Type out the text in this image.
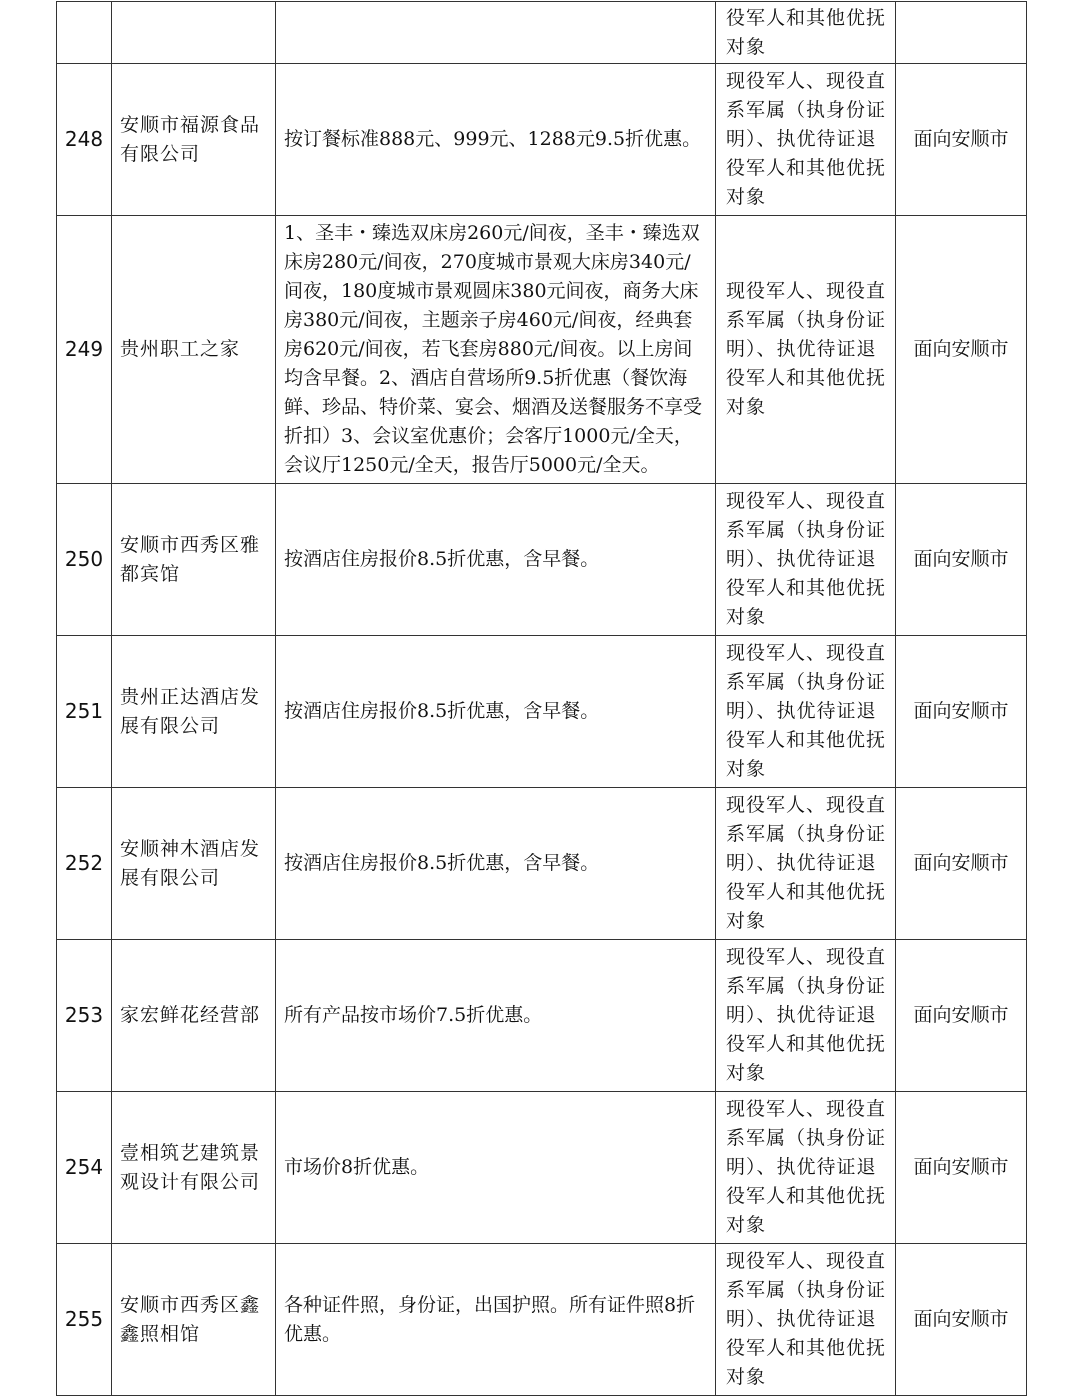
			役军人和其他优抚对象	
248	安顺市福源食品有限公司	按订餐标准888元、999元、1288元9.5折优惠。	现役军人、现役直系军属（执身份证明）、执优待证退役军人和其他优抚对象	面向安顺市
249	贵州职工之家	1、圣丰・臻选双床房260元/间夜，圣丰・臻选双床房280元/间夜，270度城市景观大床房340元/间夜，180度城市景观圆床380元间夜，商务大床房380元/间夜，主题亲子房460元/间夜，经典套房620元/间夜，若飞套房880元/间夜。以上房间均含早餐。2、酒店自营场所9.5折优惠（餐饮海鲜、珍品、特价菜、宴会、烟酒及送餐服务不享受折扣）3、会议室优惠价；会客厅1000元/全天，会议厅1250元/全天，报告厅5000元/全天。	现役军人、现役直系军属（执身份证明）、执优待证退役军人和其他优抚对象	面向安顺市
250	安顺市西秀区雅都宾馆	按酒店住房报价8.5折优惠，含早餐。	现役军人、现役直系军属（执身份证明）、执优待证退役军人和其他优抚对象	面向安顺市
251	贵州正达酒店发展有限公司	按酒店住房报价8.5折优惠，含早餐。	现役军人、现役直系军属（执身份证明）、执优待证退役军人和其他优抚对象	面向安顺市
252	安顺神木酒店发展有限公司	按酒店住房报价8.5折优惠，含早餐。	现役军人、现役直系军属（执身份证明）、执优待证退役军人和其他优抚对象	面向安顺市
253	家宏鲜花经营部	所有产品按市场价7.5折优惠。	现役军人、现役直系军属（执身份证明）、执优待证退役军人和其他优抚对象	面向安顺市
254	壹相筑艺建筑景观设计有限公司	市场价8折优惠。	现役军人、现役直系军属（执身份证明）、执优待证退役军人和其他优抚对象	面向安顺市
255	安顺市西秀区鑫鑫照相馆	各种证件照，身份证，出国护照。所有证件照8折优惠。	现役军人、现役直系军属（执身份证明）、执优待证退役军人和其他优抚对象	面向安顺市
